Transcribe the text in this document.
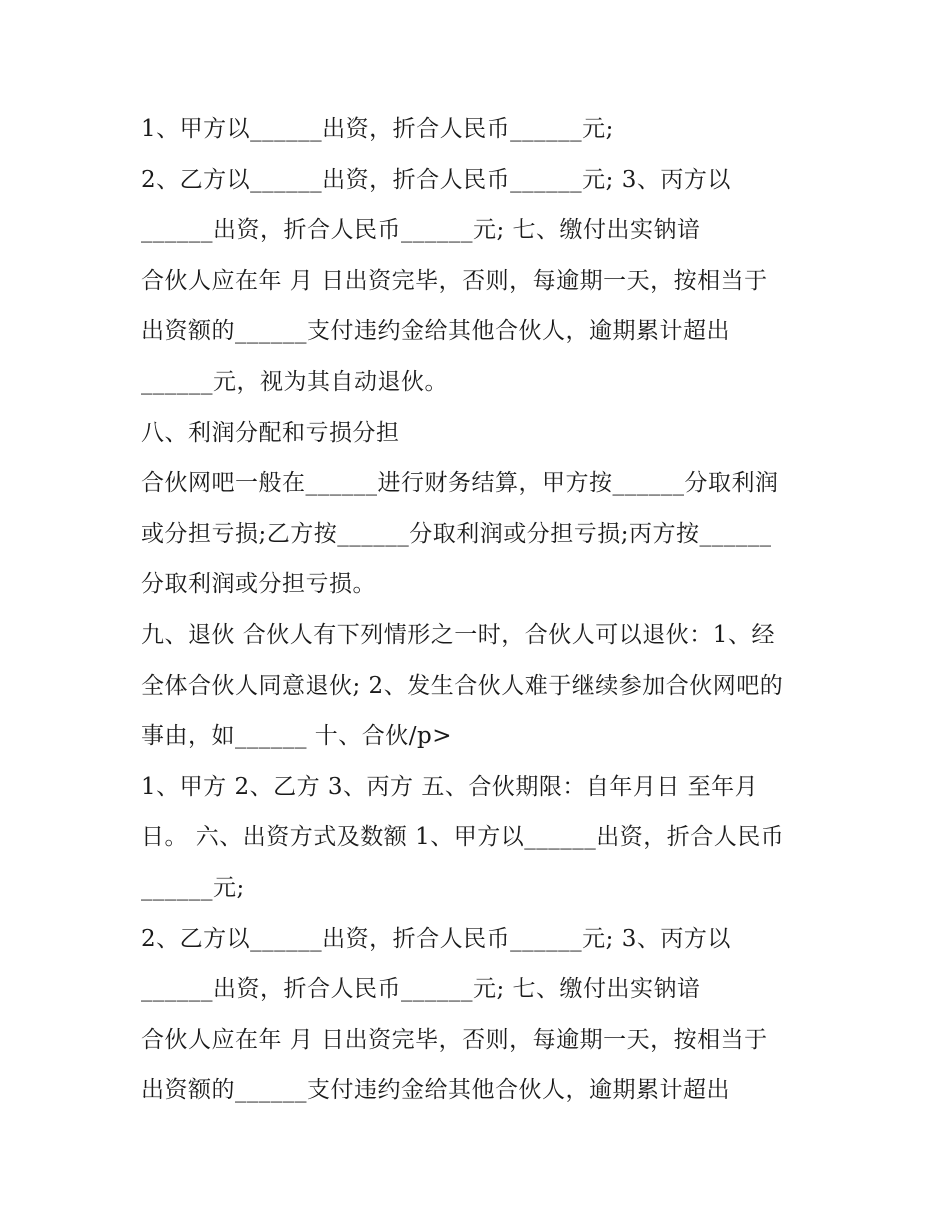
1、甲方以______出资，折合人民币______元;
2、乙方以______出资，折合人民币______元; 3、丙方以
______出资，折合人民币______元; 七、缴付出实钠谙
合伙人应在年 月 日出资完毕，否则，每逾期一天，按相当于
出资额的______支付违约金给其他合伙人，逾期累计超出
______元，视为其自动退伙。
八、利润分配和亏损分担
合伙网吧一般在______进行财务结算，甲方按______分取利润
或分担亏损;乙方按______分取利润或分担亏损;丙方按______
分取利润或分担亏损。
九、退伙 合伙人有下列情形之一时，合伙人可以退伙：1、经
全体合伙人同意退伙; 2、发生合伙人难于继续参加合伙网吧的
事由，如______ 十、合伙/p>
1、甲方 2、乙方 3、丙方 五、合伙期限：自年月日 至年月
日。 六、出资方式及数额 1、甲方以______出资，折合人民币
______元;
2、乙方以______出资，折合人民币______元; 3、丙方以
______出资，折合人民币______元; 七、缴付出实钠谙
合伙人应在年 月 日出资完毕，否则，每逾期一天，按相当于
出资额的______支付违约金给其他合伙人，逾期累计超出
